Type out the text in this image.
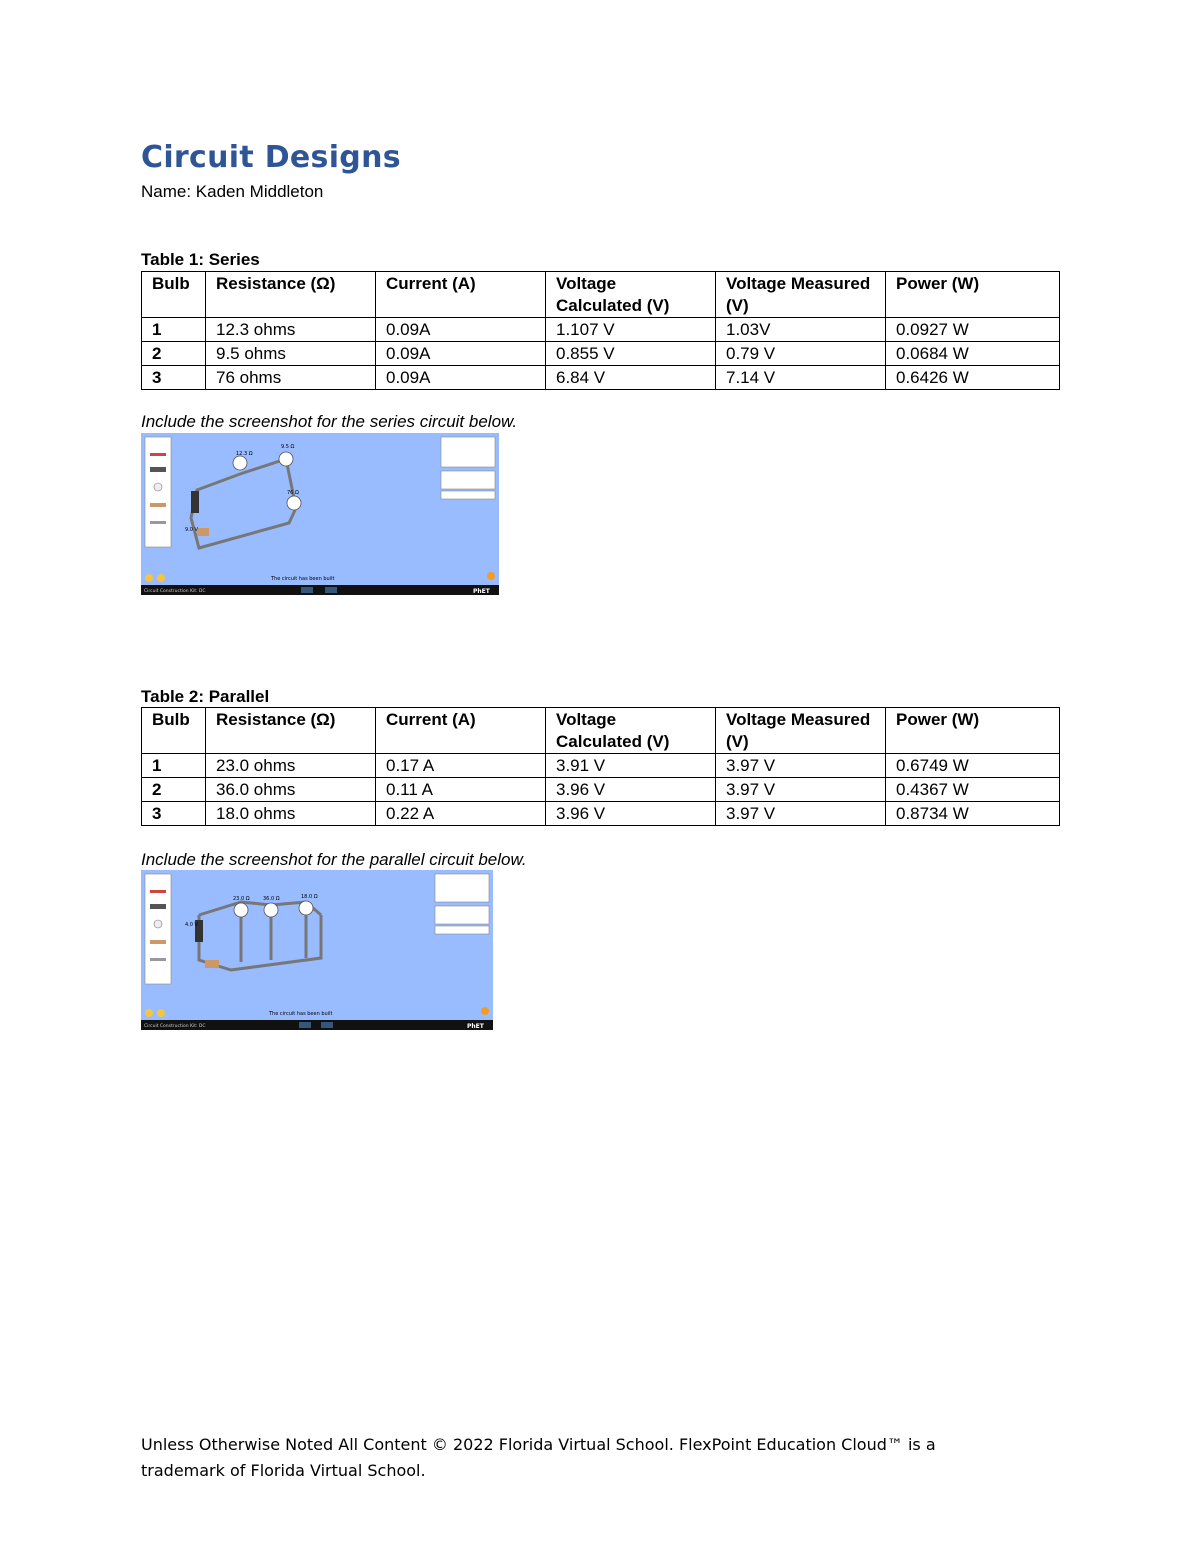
Circuit Designs
Name: Kaden Middleton
Table 1: Series
Bulb	Resistance (Ω)	Current (A)	Voltage Calculated (V)	Voltage Measured (V)	Power (W)
1	12.3 ohms	0.09A	1.107 V	1.03V	0.0927 W
2	9.5 ohms	0.09A	0.855 V	0.79 V	0.0684 W
3	76 ohms	0.09A	6.84 V	7.14 V	0.6426 W
Include the screenshot for the series circuit below.
12.3 Ω
9.5 Ω
76 Ω
9.0 V
The circuit has been built
Circuit Construction Kit: DC	PhET
Table 2: Parallel
Bulb	Resistance (Ω)	Current (A)	Voltage Calculated (V)	Voltage Measured (V)	Power (W)
1	23.0 ohms	0.17 A	3.91 V	3.97 V	0.6749 W
2	36.0 ohms	0.11 A	3.96 V	3.97 V	0.4367 W
3	18.0 ohms	0.22 A	3.96 V	3.97 V	0.8734 W
Include the screenshot for the parallel circuit below.
23.0 Ω	36.0 Ω	18.0 Ω
4.0 V
The circuit has been built
Circuit Construction Kit: DC	PhET
Unless Otherwise Noted All Content © 2022 Florida Virtual School. FlexPoint Education Cloud™ is a
trademark of Florida Virtual School.
